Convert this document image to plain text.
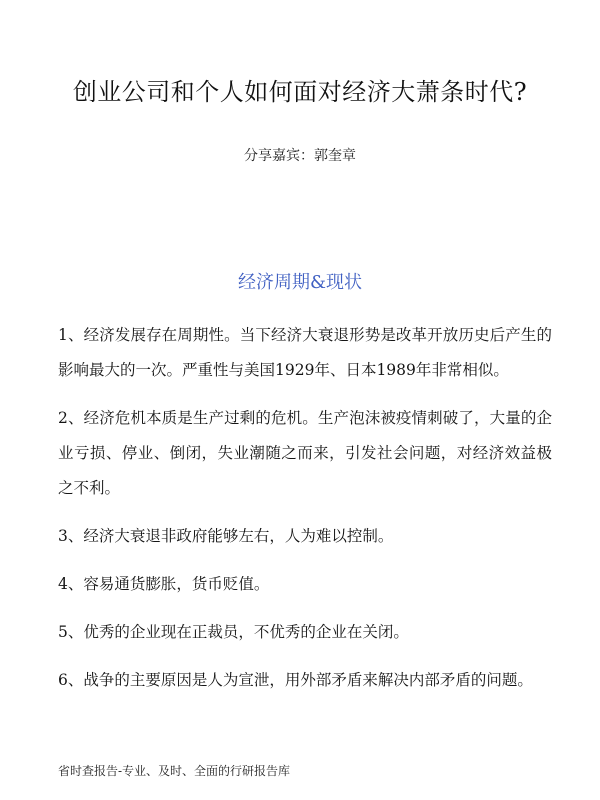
创业公司和个人如何面对经济大萧条时代?
分享嘉宾：郭奎章
经济周期&现状

1、经济发展存在周期性。当下经济大衰退形势是改革开放历史后产生的影响最大的一次。严重性与美国1929年、日本1989年非常相似。

2、经济危机本质是生产过剩的危机。生产泡沫被疫情刺破了，大量的企业亏损、停业、倒闭，失业潮随之而来，引发社会问题，对经济效益极之不利。

3、经济大衰退非政府能够左右，人为难以控制。

4、容易通货膨胀，货币贬值。

5、优秀的企业现在正裁员，不优秀的企业在关闭。

6、战争的主要原因是人为宣泄，用外部矛盾来解决内部矛盾的问题。

省时查报告-专业、及时、全面的行研报告库
